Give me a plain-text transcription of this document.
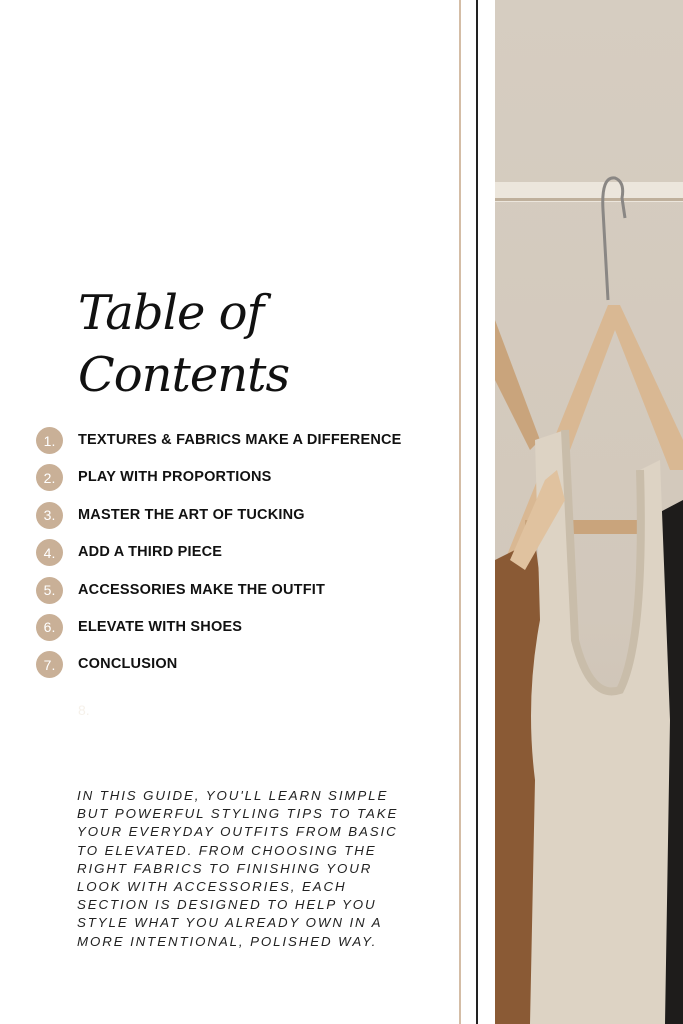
Table of
Contents
1.	TEXTURES & FABRICS MAKE A DIFFERENCE
2.	PLAY WITH PROPORTIONS
3.	MASTER THE ART OF TUCKING
4.	ADD A THIRD PIECE
5.	ACCESSORIES MAKE THE OUTFIT
6.	ELEVATE WITH SHOES
7.	CONCLUSION
8.

IN THIS GUIDE, YOU'LL LEARN SIMPLE
BUT POWERFUL STYLING TIPS TO TAKE
YOUR EVERYDAY OUTFITS FROM BASIC
TO ELEVATED. FROM CHOOSING THE
RIGHT FABRICS TO FINISHING YOUR
LOOK WITH ACCESSORIES, EACH
SECTION IS DESIGNED TO HELP YOU
STYLE WHAT YOU ALREADY OWN IN A
MORE INTENTIONAL, POLISHED WAY.
